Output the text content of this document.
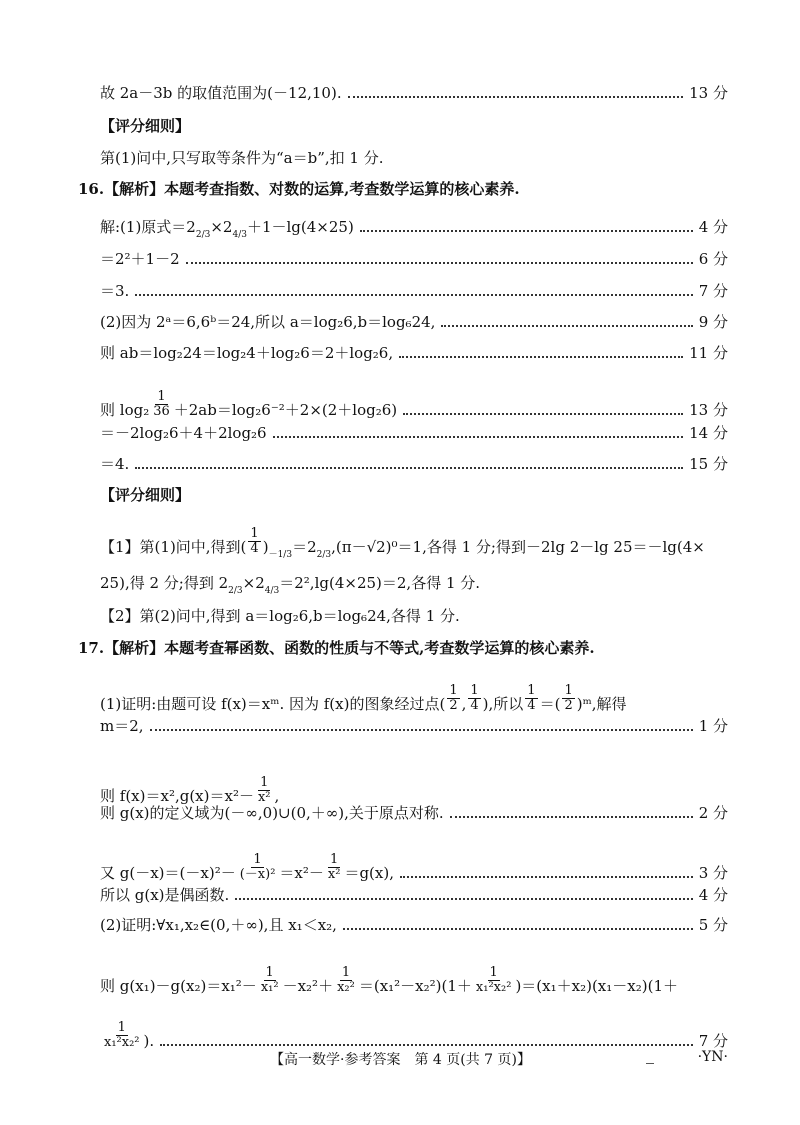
故 2a－3b 的取值范围为(－12,10).	13 分
【评分细则】
第(1)问中,只写取等条件为“a＝b”,扣 1 分.
16.【解析】本题考查指数、对数的运算,考查数学运算的核心素养.
解:(1)原式＝2 2/3 ×2 4/3 ＋1－lg(4×25)	4 分
＝2²＋1－2	6 分
＝3.	7 分
(2)因为 2ᵃ＝6,6ᵇ＝24,所以 a＝log₂6,b＝log₆24,	9 分
则 ab＝log₂24＝log₂4＋log₂6＝2＋log₂6,	11 分
则 $\log_2 \frac{1}{36} +2ab=\log_26^{-2}+2\times(2+\log_26)$	13 分
＝－2log₂6＋4＋2log₂6	14 分
＝4.	15 分
【评分细则】
【1】第(1)问中,得到( $\frac{1}{4}$ ) －1/3 ＝2 2/3 ,(π－√2)⁰＝1,各得 1 分;得到－2lg 2－lg 25＝－lg(4×
25),得 2 分;得到 2 2/3 ×2 4/3 ＝2²,lg(4×25)＝2,各得 1 分.
【2】第(2)问中,得到 a＝log₂6,b＝log₆24,各得 1 分.
17.【解析】本题考查幂函数、函数的性质与不等式,考查数学运算的核心素养.
(1)证明:由题可设 f(x)＝xᵐ. 因为 f(x)的图象经过点( $\frac{1}{2}$ , $\frac{1}{4}$ ),所以 $\frac{1}{4}$ ＝( $\frac{1}{2}$ )ᵐ,解得
m＝2,	1 分
则 $f(x)=x^2,g(x)=x^2- \frac{1}{\text{x²}}$ ,
则 g(x)的定义域为(－∞,0)∪(0,＋∞),关于原点对称.	2 分
又 $g(-x)=(-x)^2- \frac{1}{\text{(－x)²}} =x^2- \frac{1}{\text{x²}} =g(x)$,	3 分
所以 g(x)是偶函数.	4 分
(2)证明:∀x₁,x₂∈(0,＋∞),且 x₁＜x₂,	5 分
则 $g(x_1)-g(x_2)=x_1^2- \frac{1}{\text{x₁²}} -x_2^2+ \frac{1}{\text{x₂²}} =(x_1^2-x_2^2)(1+ \frac{1}{\text{x₁²x₂²}} )=(x_1+x_2)(x_1-x_2)(1+$
$\frac{1}{\text{x₁²x₂²}}$ ).	7 分
【高一数学·参考答案　第 4 页(共 7 页)】	·YN·
